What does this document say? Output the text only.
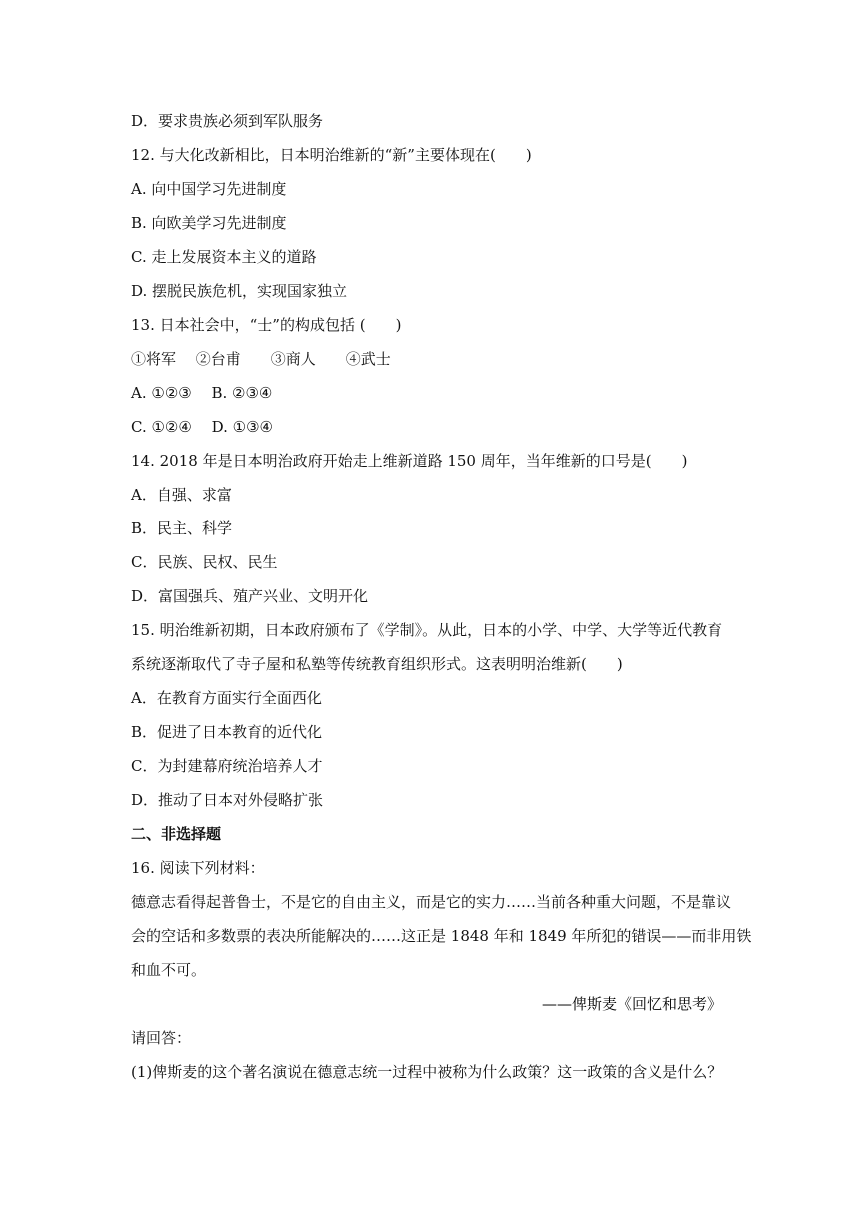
D．要求贵族必须到军队服务
12. 与大化改新相比，日本明治维新的“新”主要体现在(　　)
A. 向中国学习先进制度
B. 向欧美学习先进制度
C. 走上发展资本主义的道路
D. 摆脱民族危机，实现国家独立
13. 日本社会中，“士”的构成包括 (　　)
①将军　 ②台甫　　③商人　　④武士
A. ①②③　 B. ②③④
C. ①②④　 D. ①③④
14. 2018 年是日本明治政府开始走上维新道路 150 周年，当年维新的口号是(　　)
A．自强、求富
B．民主、科学
C．民族、民权、民生
D．富国强兵、殖产兴业、文明开化
15. 明治维新初期，日本政府颁布了《学制》。从此，日本的小学、中学、大学等近代教育
系统逐渐取代了寺子屋和私塾等传统教育组织形式。这表明明治维新(　　)
A．在教育方面实行全面西化
B．促进了日本教育的近代化
C．为封建幕府统治培养人才
D．推动了日本对外侵略扩张
二、非选择题
16. 阅读下列材料：
德意志看得起普鲁士，不是它的自由主义，而是它的实力……当前各种重大问题，不是靠议
会的空话和多数票的表决所能解决的……这正是 1848 年和 1849 年所犯的错误——而非用铁
和血不可。
——俾斯麦《回忆和思考》
请回答：
(1)俾斯麦的这个著名演说在德意志统一过程中被称为什么政策？这一政策的含义是什么？
